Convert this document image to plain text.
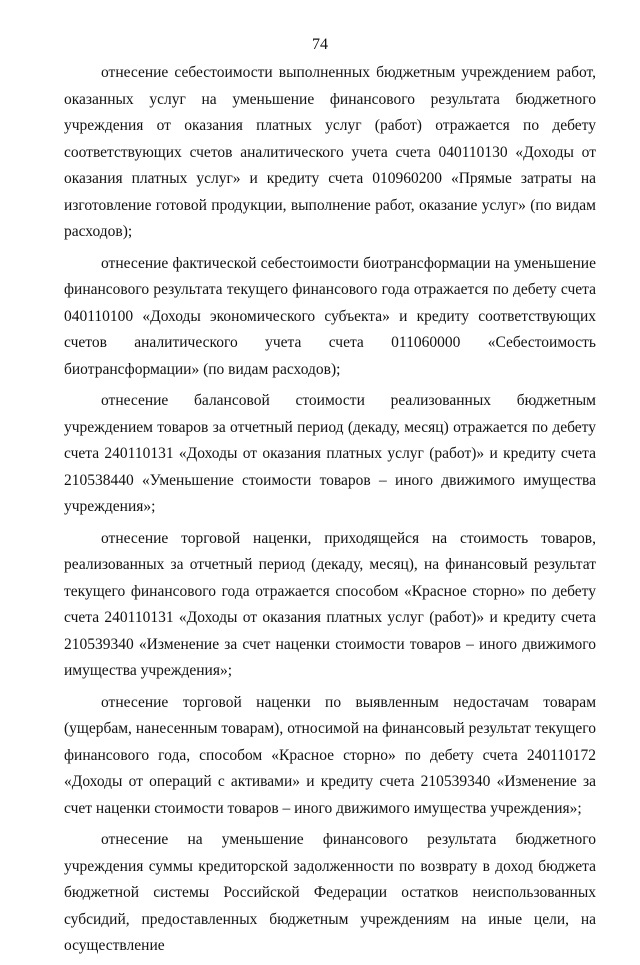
74

отнесение себестоимости выполненных бюджетным учреждением работ, оказанных услуг на уменьшение финансового результата бюджетного учреждения от оказания платных услуг (работ) отражается по дебету соответствующих счетов аналитического учета счета 040110130 «Доходы от оказания платных услуг» и кредиту счета 010960200 «Прямые затраты на изготовление готовой продукции, выполнение работ, оказание услуг» (по видам расходов);

отнесение фактической себестоимости биотрансформации на уменьшение финансового результата текущего финансового года отражается по дебету счета 040110100 «Доходы экономического субъекта» и кредиту соответствующих счетов аналитического учета счета 011060000 «Себестоимость биотрансформации» (по видам расходов);

отнесение балансовой стоимости реализованных бюджетным учреждением товаров за отчетный период (декаду, месяц) отражается по дебету счета 240110131 «Доходы от оказания платных услуг (работ)» и кредиту счета 210538440 «Уменьшение стоимости товаров – иного движимого имущества учреждения»;

отнесение торговой наценки, приходящейся на стоимость товаров, реализованных за отчетный период (декаду, месяц), на финансовый результат текущего финансового года отражается способом «Красное сторно» по дебету счета 240110131 «Доходы от оказания платных услуг (работ)» и кредиту счета 210539340 «Изменение за счет наценки стоимости товаров – иного движимого имущества учреждения»;

отнесение торговой наценки по выявленным недостачам товарам (ущербам, нанесенным товарам), относимой на финансовый результат текущего финансового года, способом «Красное сторно» по дебету счета 240110172 «Доходы от операций с активами» и кредиту счета 210539340 «Изменение за счет наценки стоимости товаров – иного движимого имущества учреждения»;

отнесение на уменьшение финансового результата бюджетного учреждения суммы кредиторской задолженности по возврату в доход бюджета бюджетной системы Российской Федерации остатков неиспользованных субсидий, предоставленных бюджетным учреждениям на иные цели, на осуществление
